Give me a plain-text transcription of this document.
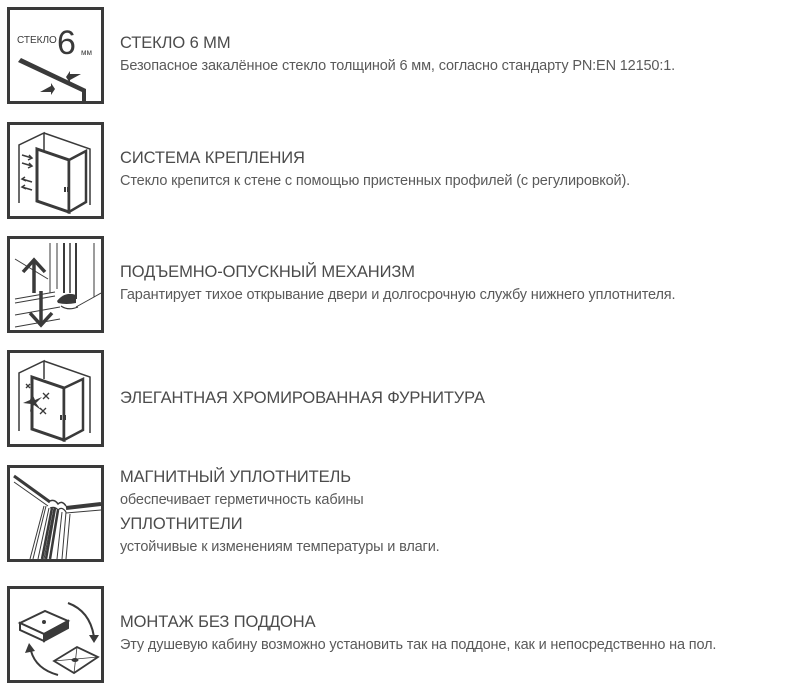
СТЕКЛО 6 мм
СТЕКЛО 6 ММ
Безопасное закалённое стекло толщиной 6 мм, согласно стандарту PN:EN 12150:1.
СИСТЕМА КРЕПЛЕНИЯ
Стекло крепится к стене с помощью пристенных профилей (с регулировкой).
ПОДЪЕМНО-ОПУСКНЫЙ МЕХАНИЗМ
Гарантирует тихое открывание двери и долгосрочную службу нижнего уплотнителя.
ЭЛЕГАНТНАЯ ХРОМИРОВАННАЯ ФУРНИТУРА
МАГНИТНЫЙ УПЛОТНИТЕЛЬ
обеспечивает герметичность кабины
УПЛОТНИТЕЛИ
устойчивые к изменениям температуры и влаги.
МОНТАЖ БЕЗ ПОДДОНА
Эту душевую кабину возможно установить так на поддоне, как и непосредственно на пол.
